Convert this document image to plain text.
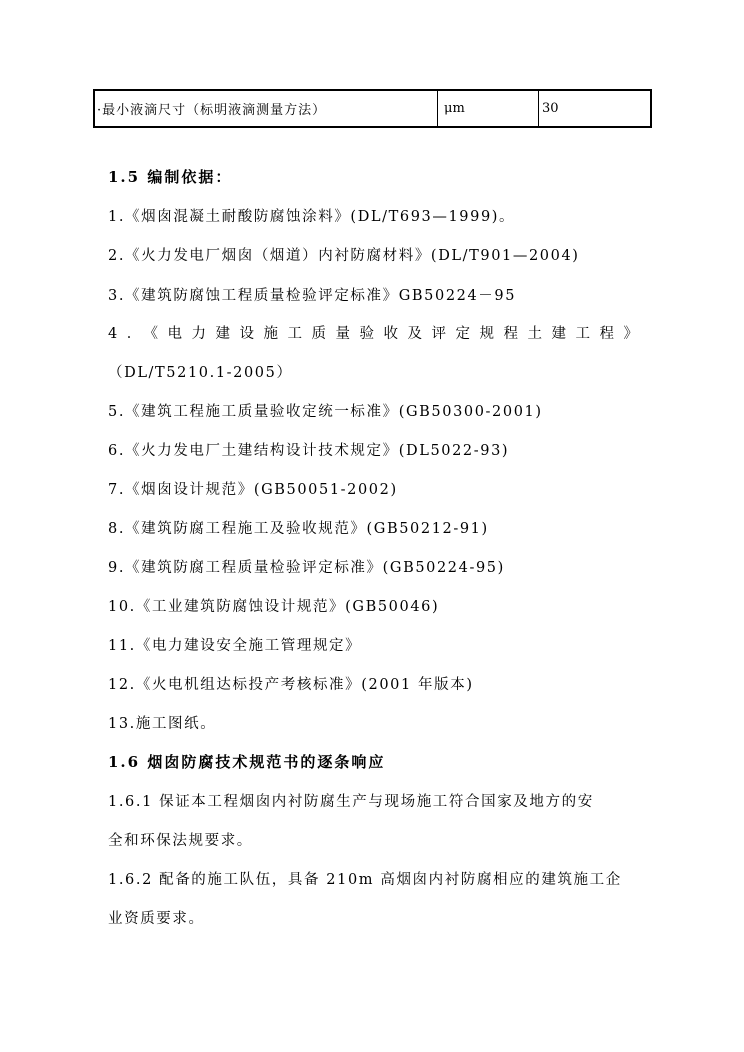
·最小液滴尺寸（标明液滴测量方法）	μm	30
1.5 编制依据：
1.《烟囱混凝土耐酸防腐蚀涂料》(DL/T693—1999)。
2.《火力发电厂烟囱（烟道）内衬防腐材料》(DL/T901—2004)
3.《建筑防腐蚀工程质量检验评定标准》GB50224－95
4．《电力建设施工质量验收及评定规程土建工程》
（DL/T5210.1-2005）
5.《建筑工程施工质量验收定统一标准》(GB50300-2001)
6.《火力发电厂土建结构设计技术规定》(DL5022-93)
7.《烟囱设计规范》(GB50051-2002)
8.《建筑防腐工程施工及验收规范》(GB50212-91)
9.《建筑防腐工程质量检验评定标准》(GB50224-95)
10.《工业建筑防腐蚀设计规范》(GB50046)
11.《电力建设安全施工管理规定》
12.《火电机组达标投产考核标准》(2001 年版本)
13.施工图纸。
1.6 烟囱防腐技术规范书的逐条响应
1.6.1 保证本工程烟囱内衬防腐生产与现场施工符合国家及地方的安
全和环保法规要求。
1.6.2 配备的施工队伍，具备 210m 高烟囱内衬防腐相应的建筑施工企
业资质要求。
